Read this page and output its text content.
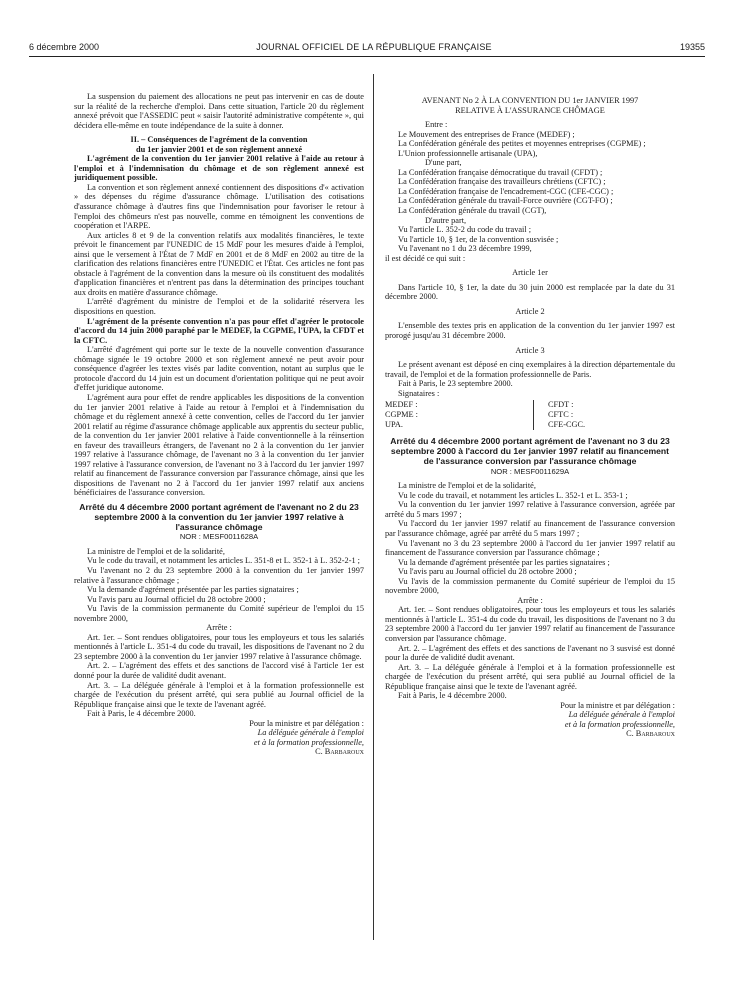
6 décembre 2000	JOURNAL OFFICIEL DE LA RÉPUBLIQUE FRANÇAISE	19355

La suspension du paiement des allocations ne peut pas intervenir en cas de doute sur la réalité de la recherche d'emploi. Dans cette situation, l'article 20 du règlement annexé prévoit que l'ASSEDIC peut « saisir l'autorité administrative compétente », qui décidera elle-même en toute indépendance de la suite à donner.

II. – Conséquences de l'agrément de la convention

du 1er janvier 2001 et de son règlement annexé

L'agrément de la convention du 1er janvier 2001 relative à l'aide au retour à l'emploi et à l'indemnisation du chômage et de son règlement annexé est juridiquement possible.

La convention et son règlement annexé contiennent des dispositions d'« activation » des dépenses du régime d'assurance chômage. L'utilisation des cotisations d'assurance chômage à d'autres fins que l'indemnisation pour favoriser le retour à l'emploi des chômeurs n'est pas nouvelle, comme en témoignent les conventions de coopération et l'ARPE.

Aux articles 8 et 9 de la convention relatifs aux modalités financières, le texte prévoit le financement par l'UNEDIC de 15 MdF pour les mesures d'aide à l'emploi, ainsi que le versement à l'État de 7 MdF en 2001 et de 8 MdF en 2002 au titre de la clarification des relations financières entre l'UNEDIC et l'État. Ces articles ne font pas obstacle à l'agrément de la convention dans la mesure où ils constituent des modalités d'application financières et n'entrent pas dans la détermination des principes touchant aux droits en matière d'assurance chômage.

L'arrêté d'agrément du ministre de l'emploi et de la solidarité réservera les dispositions en question.

L'agrément de la présente convention n'a pas pour effet d'agréer le protocole d'accord du 14 juin 2000 paraphé par le MEDEF, la CGPME, l'UPA, la CFDT et la CFTC.

L'arrêté d'agrément qui porte sur le texte de la nouvelle convention d'assurance chômage signée le 19 octobre 2000 et son règlement annexé ne peut avoir pour conséquence d'agréer les textes visés par ladite convention, notant au surplus que le protocole d'accord du 14 juin est un document d'orientation politique qui ne peut avoir d'effet juridique autonome.

L'agrément aura pour effet de rendre applicables les dispositions de la convention du 1er janvier 2001 relative à l'aide au retour à l'emploi et à l'indemnisation du chômage et du règlement annexé à cette convention, celles de l'accord du 1er janvier 2001 relatif au régime d'assurance chômage applicable aux apprentis du secteur public, de la convention du 1er janvier 2001 relative à l'aide conventionnelle à la réinsertion en faveur des travailleurs étrangers, de l'avenant no 2 à la convention du 1er janvier 1997 relative à l'assurance chômage, de l'avenant no 3 à la convention du 1er janvier 1997 relative à l'assurance conversion, de l'avenant no 3 à l'accord du 1er janvier 1997 relatif au financement de l'assurance conversion par l'assurance chômage, ainsi que les dispositions de l'avenant no 2 à l'accord du 1er janvier 1997 relatif aux anciens bénéficiaires de l'assurance conversion.

Arrêté du 4 décembre 2000 portant agrément de l'avenant no 2 du 23 septembre 2000 à la convention du 1er janvier 1997 relative à l'assurance chômage

NOR : MESF0011628A

La ministre de l'emploi et de la solidarité,

Vu le code du travail, et notamment les articles L. 351-8 et L. 352-1 à L. 352-2-1 ;

Vu l'avenant no 2 du 23 septembre 2000 à la convention du 1er janvier 1997 relative à l'assurance chômage ;

Vu la demande d'agrément présentée par les parties signataires ;

Vu l'avis paru au Journal officiel du 28 octobre 2000 ;

Vu l'avis de la commission permanente du Comité supérieur de l'emploi du 15 novembre 2000,

Arrête :

Art. 1er. – Sont rendues obligatoires, pour tous les employeurs et tous les salariés mentionnés à l'article L. 351-4 du code du travail, les dispositions de l'avenant no 2 du 23 septembre 2000 à la convention du 1er janvier 1997 relative à l'assurance chômage.

Art. 2. – L'agrément des effets et des sanctions de l'accord visé à l'article 1er est donné pour la durée de validité dudit avenant.

Art. 3. – La déléguée générale à l'emploi et à la formation professionnelle est chargée de l'exécution du présent arrêté, qui sera publié au Journal officiel de la République française ainsi que le texte de l'avenant agréé.

Fait à Paris, le 4 décembre 2000.

Pour la ministre et par délégation :

La déléguée générale à l'emploi

et à la formation professionnelle,

C. Barbaroux

AVENANT No 2 À LA CONVENTION DU 1er JANVIER 1997

RELATIVE À L'ASSURANCE CHÔMAGE

Entre :

Le Mouvement des entreprises de France (MEDEF) ;

La Confédération générale des petites et moyennes entreprises (CGPME) ;

L'Union professionnelle artisanale (UPA),

D'une part,

La Confédération française démocratique du travail (CFDT) ;

La Confédération française des travailleurs chrétiens (CFTC) ;

La Confédération française de l'encadrement-CGC (CFE-CGC) ;

La Confédération générale du travail-Force ouvrière (CGT-FO) ;

La Confédération générale du travail (CGT),

D'autre part,

Vu l'article L. 352-2 du code du travail ;

Vu l'article 10, § 1er, de la convention susvisée ;

Vu l'avenant no 1 du 23 décembre 1999,

il est décidé ce qui suit :

Article 1er

Dans l'article 10, § 1er, la date du 30 juin 2000 est remplacée par la date du 31 décembre 2000.

Article 2

L'ensemble des textes pris en application de la convention du 1er janvier 1997 est prorogé jusqu'au 31 décembre 2000.

Article 3

Le présent avenant est déposé en cinq exemplaires à la direction départementale du travail, de l'emploi et de la formation professionnelle de Paris.

Fait à Paris, le 23 septembre 2000.

Signataires :

MEDEF :
CGPME :
UPA.
CFDT :
CFTC :
CFE-CGC.

Arrêté du 4 décembre 2000 portant agrément de l'avenant no 3 du 23 septembre 2000 à l'accord du 1er janvier 1997 relatif au financement de l'assurance conversion par l'assurance chômage

NOR : MESF0011629A

La ministre de l'emploi et de la solidarité,

Vu le code du travail, et notamment les articles L. 352-1 et L. 353-1 ;

Vu la convention du 1er janvier 1997 relative à l'assurance conversion, agréée par arrêté du 5 mars 1997 ;

Vu l'accord du 1er janvier 1997 relatif au financement de l'assurance conversion par l'assurance chômage, agréé par arrêté du 5 mars 1997 ;

Vu l'avenant no 3 du 23 septembre 2000 à l'accord du 1er janvier 1997 relatif au financement de l'assurance conversion par l'assurance chômage ;

Vu la demande d'agrément présentée par les parties signataires ;

Vu l'avis paru au Journal officiel du 28 octobre 2000 ;

Vu l'avis de la commission permanente du Comité supérieur de l'emploi du 15 novembre 2000,

Arrête :

Art. 1er. – Sont rendues obligatoires, pour tous les employeurs et tous les salariés mentionnés à l'article L. 351-4 du code du travail, les dispositions de l'avenant no 3 du 23 septembre 2000 à l'accord du 1er janvier 1997 relatif au financement de l'assurance conversion par l'assurance chômage.

Art. 2. – L'agrément des effets et des sanctions de l'avenant no 3 susvisé est donné pour la durée de validité dudit avenant.

Art. 3. – La déléguée générale à l'emploi et à la formation professionnelle est chargée de l'exécution du présent arrêté, qui sera publié au Journal officiel de la République française ainsi que le texte de l'avenant agréé.

Fait à Paris, le 4 décembre 2000.

Pour la ministre et par délégation :

La déléguée générale à l'emploi

et à la formation professionnelle,

C. Barbaroux
